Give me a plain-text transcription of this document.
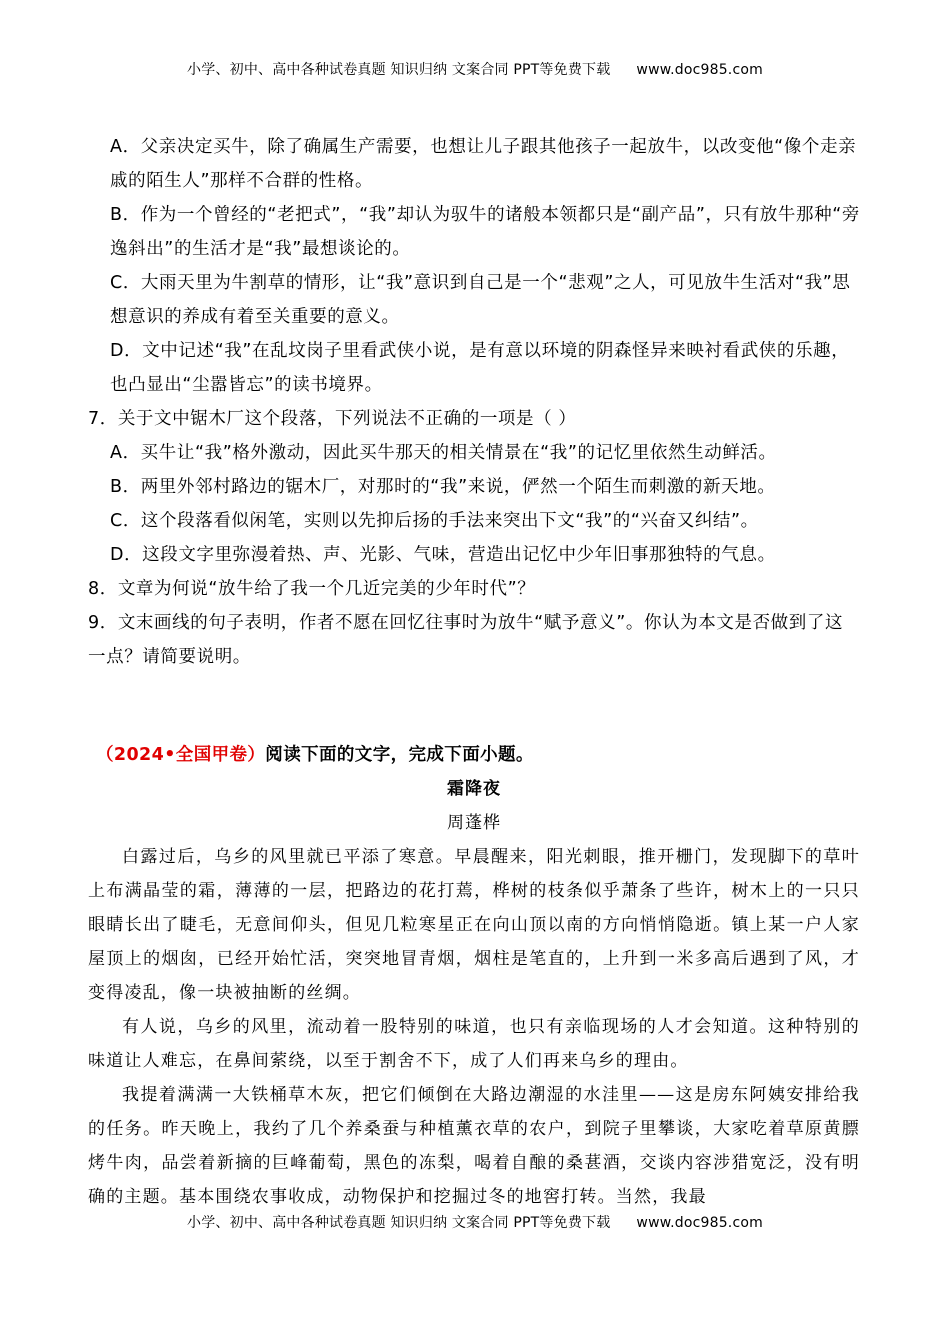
小学、初中、高中各种试卷真题 知识归纳 文案合同 PPT等免费下载 www.doc985.com
A．父亲决定买牛，除了确属生产需要，也想让儿子跟其他孩子一起放牛，以改变他“像个走亲戚的陌生人”那样不合群的性格。
B．作为一个曾经的“老把式”，“我”却认为驭牛的诸般本领都只是“副产品”，只有放牛那种“旁逸斜出”的生活才是“我”最想谈论的。
C．大雨天里为牛割草的情形，让“我”意识到自己是一个“悲观”之人，可见放牛生活对“我”思想意识的养成有着至关重要的意义。
D．文中记述“我”在乱坟岗子里看武侠小说，是有意以环境的阴森怪异来映衬看武侠的乐趣，也凸显出“尘嚣皆忘”的读书境界。
7．关于文中锯木厂这个段落，下列说法不正确的一项是（ ）
A．买牛让“我”格外激动，因此买牛那天的相关情景在“我”的记忆里依然生动鲜活。
B．两里外邻村路边的锯木厂，对那时的“我”来说，俨然一个陌生而刺激的新天地。
C．这个段落看似闲笔，实则以先抑后扬的手法来突出下文“我”的“兴奋又纠结”。
D．这段文字里弥漫着热、声、光影、气味，营造出记忆中少年旧事那独特的气息。
8．文章为何说“放牛给了我一个几近完美的少年时代”？
9．文末画线的句子表明，作者不愿在回忆往事时为放牛“赋予意义”。你认为本文是否做到了这一点？请简要说明。
（2024•全国甲卷）阅读下面的文字，完成下面小题。
霜降夜
周蓬桦
白露过后，乌乡的风里就已平添了寒意。早晨醒来，阳光刺眼，推开栅门，发现脚下的草叶上布满晶莹的霜，薄薄的一层，把路边的花打蔫，桦树的枝条似乎萧条了些许，树木上的一只只眼睛长出了睫毛，无意间仰头，但见几粒寒星正在向山顶以南的方向悄悄隐逝。镇上某一户人家屋顶上的烟囱，已经开始忙活，突突地冒青烟，烟柱是笔直的，上升到一米多高后遇到了风，才变得凌乱，像一块被抽断的丝绸。
有人说，乌乡的风里，流动着一股特别的味道，也只有亲临现场的人才会知道。这种特别的味道让人难忘，在鼻间萦绕，以至于割舍不下，成了人们再来乌乡的理由。
我提着满满一大铁桶草木灰，把它们倾倒在大路边潮湿的水洼里——这是房东阿姨安排给我的任务。昨天晚上，我约了几个养桑蚕与种植薰衣草的农户，到院子里攀谈，大家吃着草原黄膘烤牛肉，品尝着新摘的巨峰葡萄，黑色的冻梨，喝着自酿的桑葚酒，交谈内容涉猎宽泛，没有明确的主题。基本围绕农事收成，动物保护和挖掘过冬的地窖打转。当然，我最
小学、初中、高中各种试卷真题 知识归纳 文案合同 PPT等免费下载 www.doc985.com
